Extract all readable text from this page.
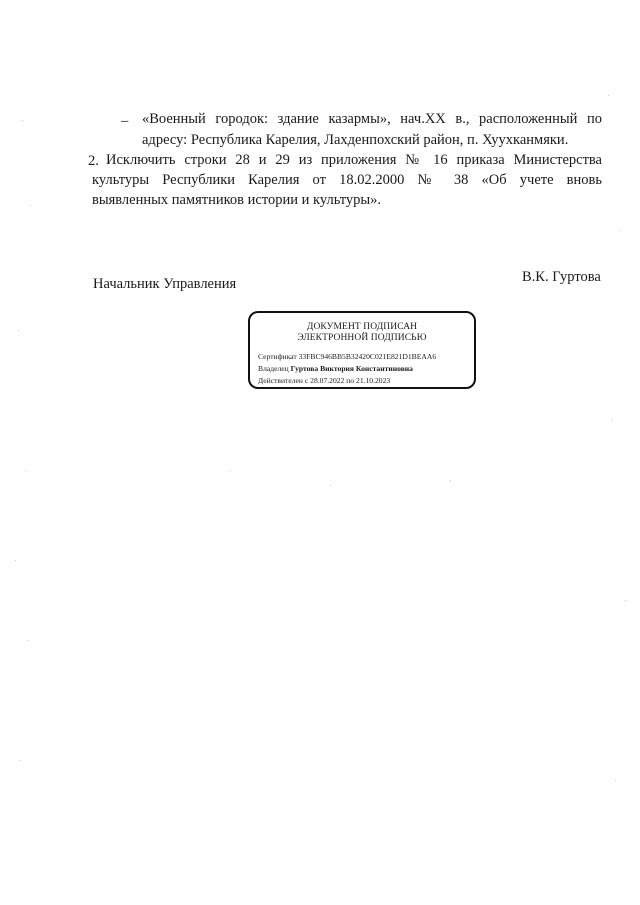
– «Военный городок: здание казармы», нач.XX в., расположенный по
адресу: Республика Карелия, Лахденпохский район, п. Хуухканмяки.
2. Исключить строки 28 и 29 из приложения № 16 приказа Министерства
культуры Республики Карелия от 18.02.2000 № 38 «Об учете вновь
выявленных памятников истории и культуры».
Начальник Управления	В.К. Гуртова
ДОКУМЕНТ ПОДПИСАН
ЭЛЕКТРОННОЙ ПОДПИСЬЮ
Сертификат 33FBC946BB5B32420C021E821D1BEAA6
Владелец Гуртова Виктория Константиновна
Действителен с 28.07.2022 по 21.10.2023
